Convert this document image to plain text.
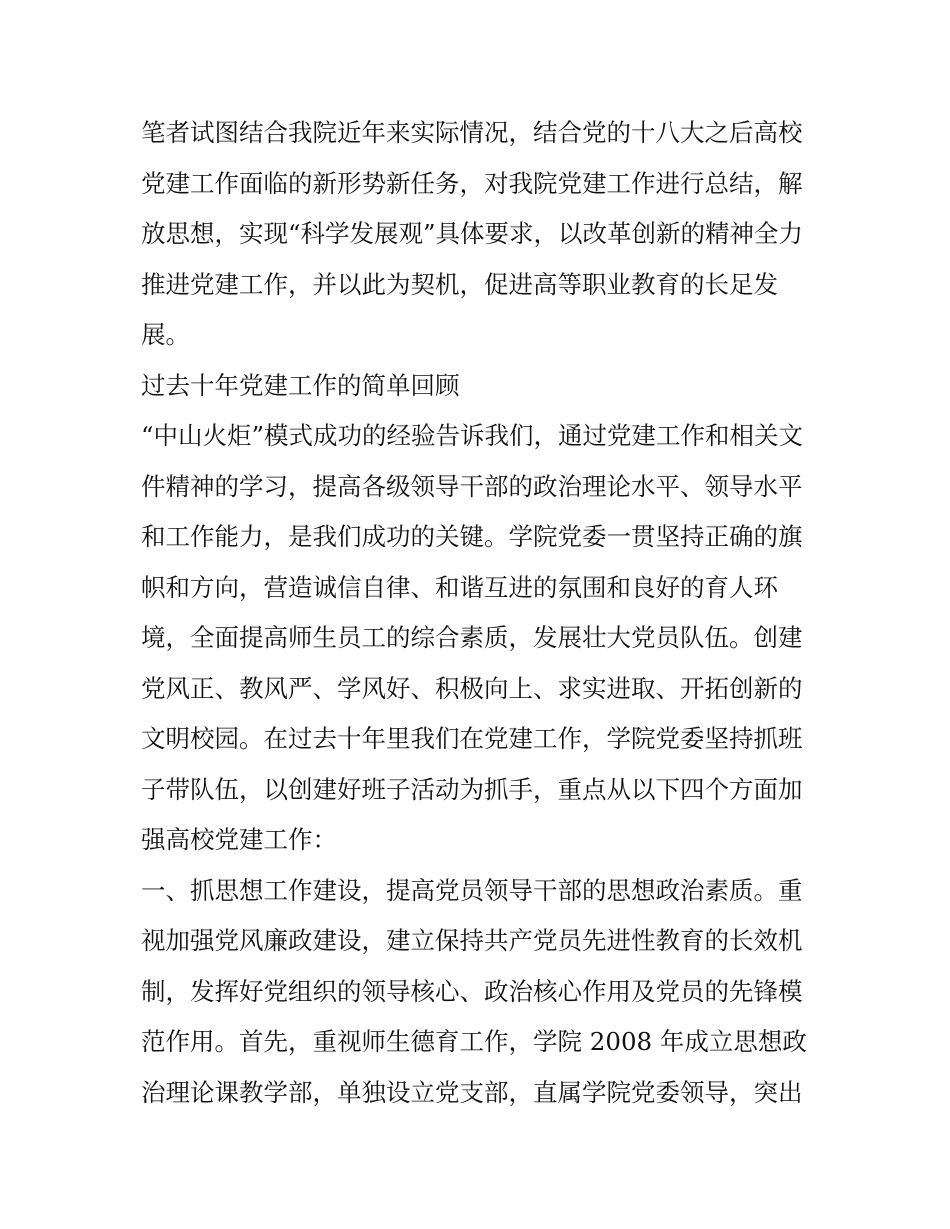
笔者试图结合我院近年来实际情况，结合党的十八大之后高校
党建工作面临的新形势新任务，对我院党建工作进行总结，解
放思想，实现“科学发展观”具体要求，以改革创新的精神全力
推进党建工作，并以此为契机，促进高等职业教育的长足发
展。
过去十年党建工作的简单回顾
“中山火炬”模式成功的经验告诉我们，通过党建工作和相关文
件精神的学习，提高各级领导干部的政治理论水平、领导水平
和工作能力，是我们成功的关键。学院党委一贯坚持正确的旗
帜和方向，营造诚信自律、和谐互进的氛围和良好的育人环
境，全面提高师生员工的综合素质，发展壮大党员队伍。创建
党风正、教风严、学风好、积极向上、求实进取、开拓创新的
文明校园。在过去十年里我们在党建工作，学院党委坚持抓班
子带队伍，以创建好班子活动为抓手，重点从以下四个方面加
强高校党建工作：
一、抓思想工作建设，提高党员领导干部的思想政治素质。重
视加强党风廉政建设，建立保持共产党员先进性教育的长效机
制，发挥好党组织的领导核心、政治核心作用及党员的先锋模
范作用。首先，重视师生德育工作，学院 2008 年成立思想政
治理论课教学部，单独设立党支部，直属学院党委领导，突出
